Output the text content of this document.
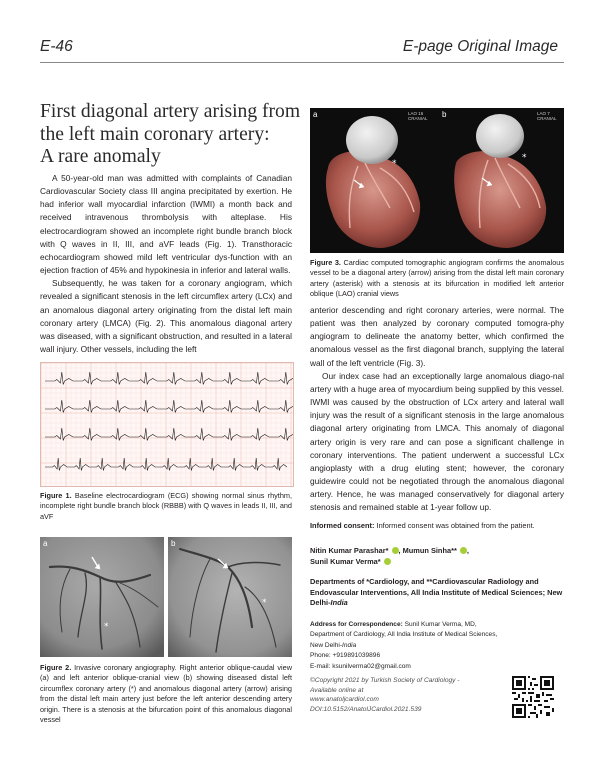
E-46	E-page Original Image
First diagonal artery arising from
the left main coronary artery:
A rare anomaly

A 50-year-old man was admitted with complaints of Canadian Cardiovascular Society class III angina precipitated by exertion. He had inferior wall myocardial infarction (IWMI) a month back and received intravenous thrombolysis with alteplase. His electrocardiogram showed an incomplete right bundle branch block with Q waves in II, III, and aVF leads (Fig. 1). Transthoracic echocardiogram showed mild left ventricular dys-function with an ejection fraction of 45% and hypokinesia in inferior and lateral walls.

Subsequently, he was taken for a coronary angiogram, which revealed a significant stenosis in the left circumflex artery (LCx) and an anomalous diagonal artery originating from the distal left main coronary artery (LMCA) (Fig. 2). This anomalous diagonal artery was diseased, with a significant obstruction, and resulted in a lateral wall injury. Other vessels, including the left

Figure 1. Baseline electrocardiogram (ECG) showing normal sinus rhythm, incomplete right bundle branch block (RBBB) with Q waves in leads II, III, and aVF
*
*
a	b
Figure 2. Invasive coronary angiography. Right anterior oblique-caudal view (a) and left anterior oblique-cranial view (b) showing diseased distal left circumflex coronary artery (*) and anomalous diagonal artery (arrow) arising from the distal left main artery just before the left anterior descending artery origin. There is a stenosis at the bifurcation point of this anomalous diagonal vessel
*
*
a	b
LAO 16
CRANIAL
LAO 7
CRANIAL
Figure 3. Cardiac computed tomographic angiogram confirms the anomalous vessel to be a diagonal artery (arrow) arising from the distal left main coronary artery (asterisk) with a stenosis at its bifurcation in modified left anterior oblique (LAO) cranial views

anterior descending and right coronary arteries, were normal. The patient was then analyzed by coronary computed tomogra-phy angiogram to delineate the anatomy better, which confirmed the anomalous vessel as the first diagonal branch, supplying the lateral wall of the left ventricle (Fig. 3).

Our index case had an exceptionally large anomalous diago-nal artery with a huge area of myocardium being supplied by this vessel. IWMI was caused by the obstruction of LCx artery and lateral wall injury was the result of a significant stenosis in the large anomalous diagonal artery originating from LMCA. This anomaly of diagonal artery origin is very rare and can pose a significant challenge in coronary interventions. The patient underwent a successful LCx angioplasty with a drug eluting stent; however, the coronary guidewire could not be negotiated through the anomalous diagonal artery. Hence, he was managed conservatively for diagonal artery stenosis and remained stable at 1-year follow up.

Informed consent: Informed consent was obtained from the patient.
Nitin Kumar Parashar* , Mumun Sinha** ,
Sunil Kumar Verma*
Departments of *Cardiology, and **Cardiovascular Radiology and Endovascular Interventions, All India Institute of Medical Sciences; New Delhi-India
Address for Correspondence: Sunil Kumar Verma, MD,
Department of Cardiology, All India Institute of Medical Sciences,
New Delhi-India
Phone: +919891039896
E-mail: ksunilverma02@gmail.com
©Copyright 2021 by Turkish Society of Cardiology -
Available online at
www.anatoljcardiol.com
DOI:10.5152/AnatolJCardiol.2021.539
